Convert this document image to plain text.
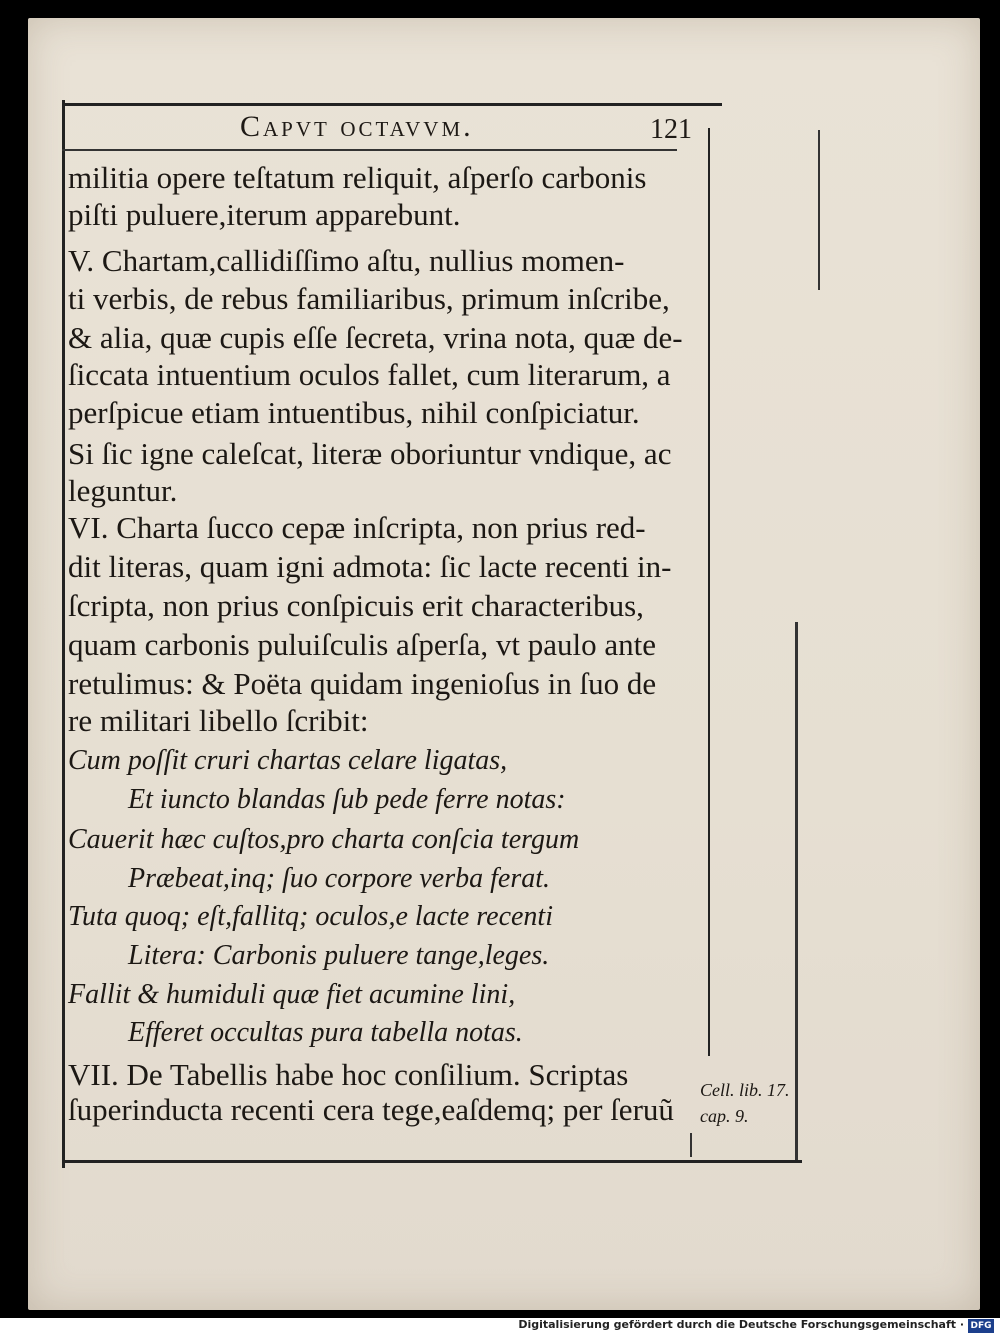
Capvt octavvm.	121
militia opere teſtatum reliquit, aſperſo carbonis
piſti puluere,iterum apparebunt.
V. Chartam,callidiſſimo aſtu, nullius momen-
ti verbis, de rebus familiaribus, primum inſcribe,
& alia, quæ cupis eſſe ſecreta, vrina nota, quæ de-
ſiccata intuentium oculos fallet, cum literarum, a
perſpicue etiam intuentibus, nihil conſpiciatur.
Si ſic igne caleſcat, literæ oboriuntur vndique, ac
leguntur.
VI. Charta ſucco cepæ inſcripta, non prius red-
dit literas, quam igni admota: ſic lacte recenti in-
ſcripta, non prius conſpicuis erit characteribus,
quam carbonis puluiſculis aſperſa, vt paulo ante
retulimus: & Poëta quidam ingenioſus in ſuo de
re militari libello ſcribit:
Cum poſſit cruri chartas celare ligatas,
Et iuncto blandas ſub pede ferre notas:
Cauerit hæc cuſtos,pro charta conſcia tergum
Præbeat,inq; ſuo corpore verba ferat.
Tuta quoq; eſt,fallitq; oculos,e lacte recenti
Litera: Carbonis puluere tange,leges.
Fallit & humiduli quæ fiet acumine lini,
Efferet occultas pura tabella notas.
VII. De Tabellis habe hoc conſilium. Scriptas
ſuperinducta recenti cera tege,eaſdemq; per ſeruũ
Cell. lib. 17.
cap. 9.
Digitalisierung gefördert durch die Deutsche Forschungsgemeinschaft · DFG
